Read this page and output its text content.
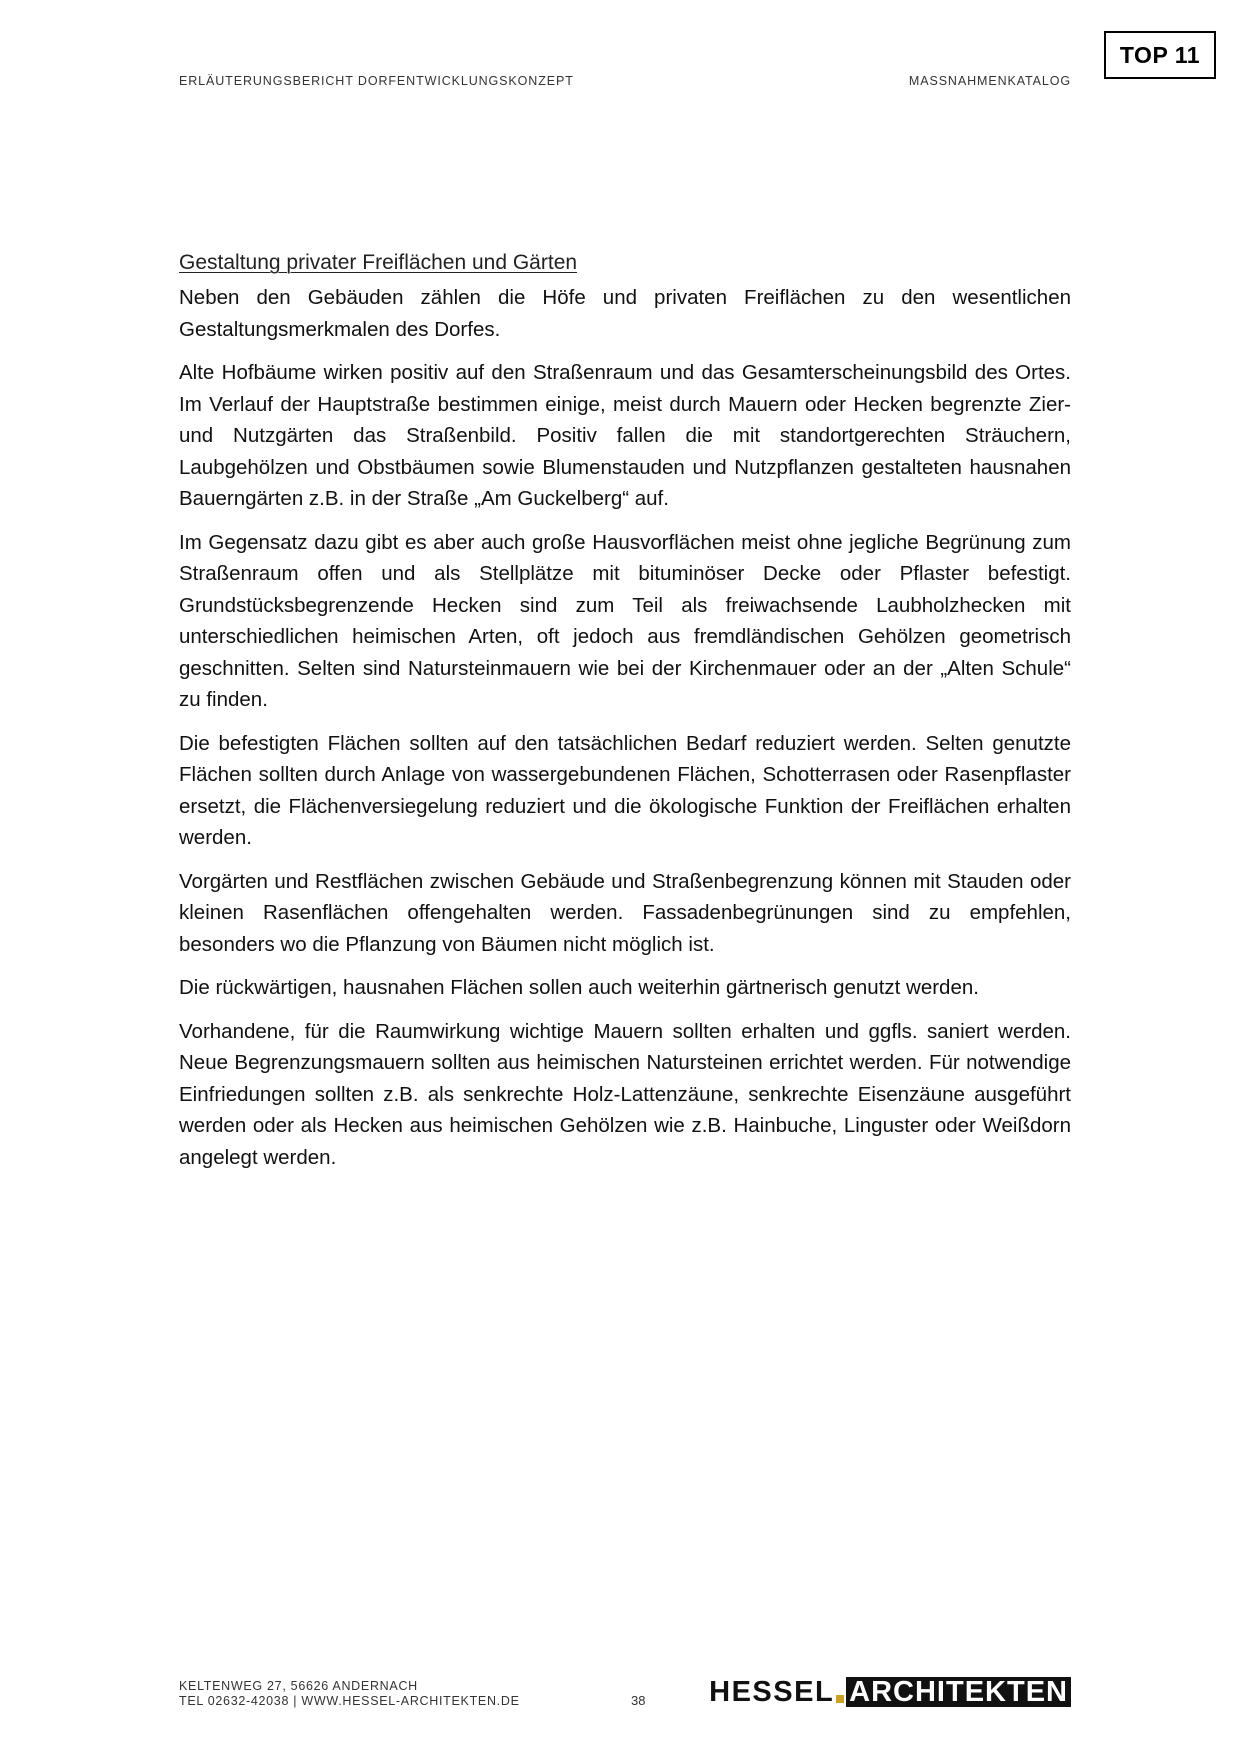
TOP 11
ERLÄUTERUNGSBERICHT DORFENTWICKLUNGSKONZEPT	MASSNAHMENKATALOG
Gestaltung privater Freiflächen und Gärten

Neben den Gebäuden zählen die Höfe und privaten Freiflächen zu den wesentlichen Gestaltungsmerkmalen des Dorfes.

Alte Hofbäume wirken positiv auf den Straßenraum und das Gesamterscheinungsbild des Ortes. Im Verlauf der Hauptstraße bestimmen einige, meist durch Mauern oder Hecken begrenzte Zier- und Nutzgärten das Straßenbild. Positiv fallen die mit standortgerechten Sträuchern, Laubgehölzen und Obstbäumen sowie Blumenstauden und Nutzpflanzen gestalteten hausnahen Bauerngärten z.B. in der Straße „Am Guckelberg“ auf.

Im Gegensatz dazu gibt es aber auch große Hausvorflächen meist ohne jegliche Begrünung zum Straßenraum offen und als Stellplätze mit bituminöser Decke oder Pflaster befestigt. Grundstücksbegrenzende Hecken sind zum Teil als freiwachsende Laubholzhecken mit unterschiedlichen heimischen Arten, oft jedoch aus fremdländischen Gehölzen geometrisch geschnitten. Selten sind Natursteinmauern wie bei der Kirchenmauer oder an der „Alten Schule“ zu finden.

Die befestigten Flächen sollten auf den tatsächlichen Bedarf reduziert werden. Selten genutzte Flächen sollten durch Anlage von wassergebundenen Flächen, Schotterrasen oder Rasenpflaster ersetzt, die Flächenversiegelung reduziert und die ökologische Funktion der Freiflächen erhalten werden.

Vorgärten und Restflächen zwischen Gebäude und Straßenbegrenzung können mit Stauden oder kleinen Rasenflächen offengehalten werden. Fassadenbegrünungen sind zu empfehlen, besonders wo die Pflanzung von Bäumen nicht möglich ist.

Die rückwärtigen, hausnahen Flächen sollen auch weiterhin gärtnerisch genutzt werden.

Vorhandene, für die Raumwirkung wichtige Mauern sollten erhalten und ggfls. saniert werden. Neue Begrenzungsmauern sollten aus heimischen Natursteinen errichtet werden. Für notwendige Einfriedungen sollten z.B. als senkrechte Holz-Lattenzäune, senkrechte Eisenzäune ausgeführt werden oder als Hecken aus heimischen Gehölzen wie z.B. Hainbuche, Linguster oder Weißdorn angelegt werden.

KELTENWEG 27, 56626 ANDERNACH
TEL 02632-42038 | WWW.HESSEL-ARCHITEKTEN.DE	38 HESSEL ARCHITEKTEN
